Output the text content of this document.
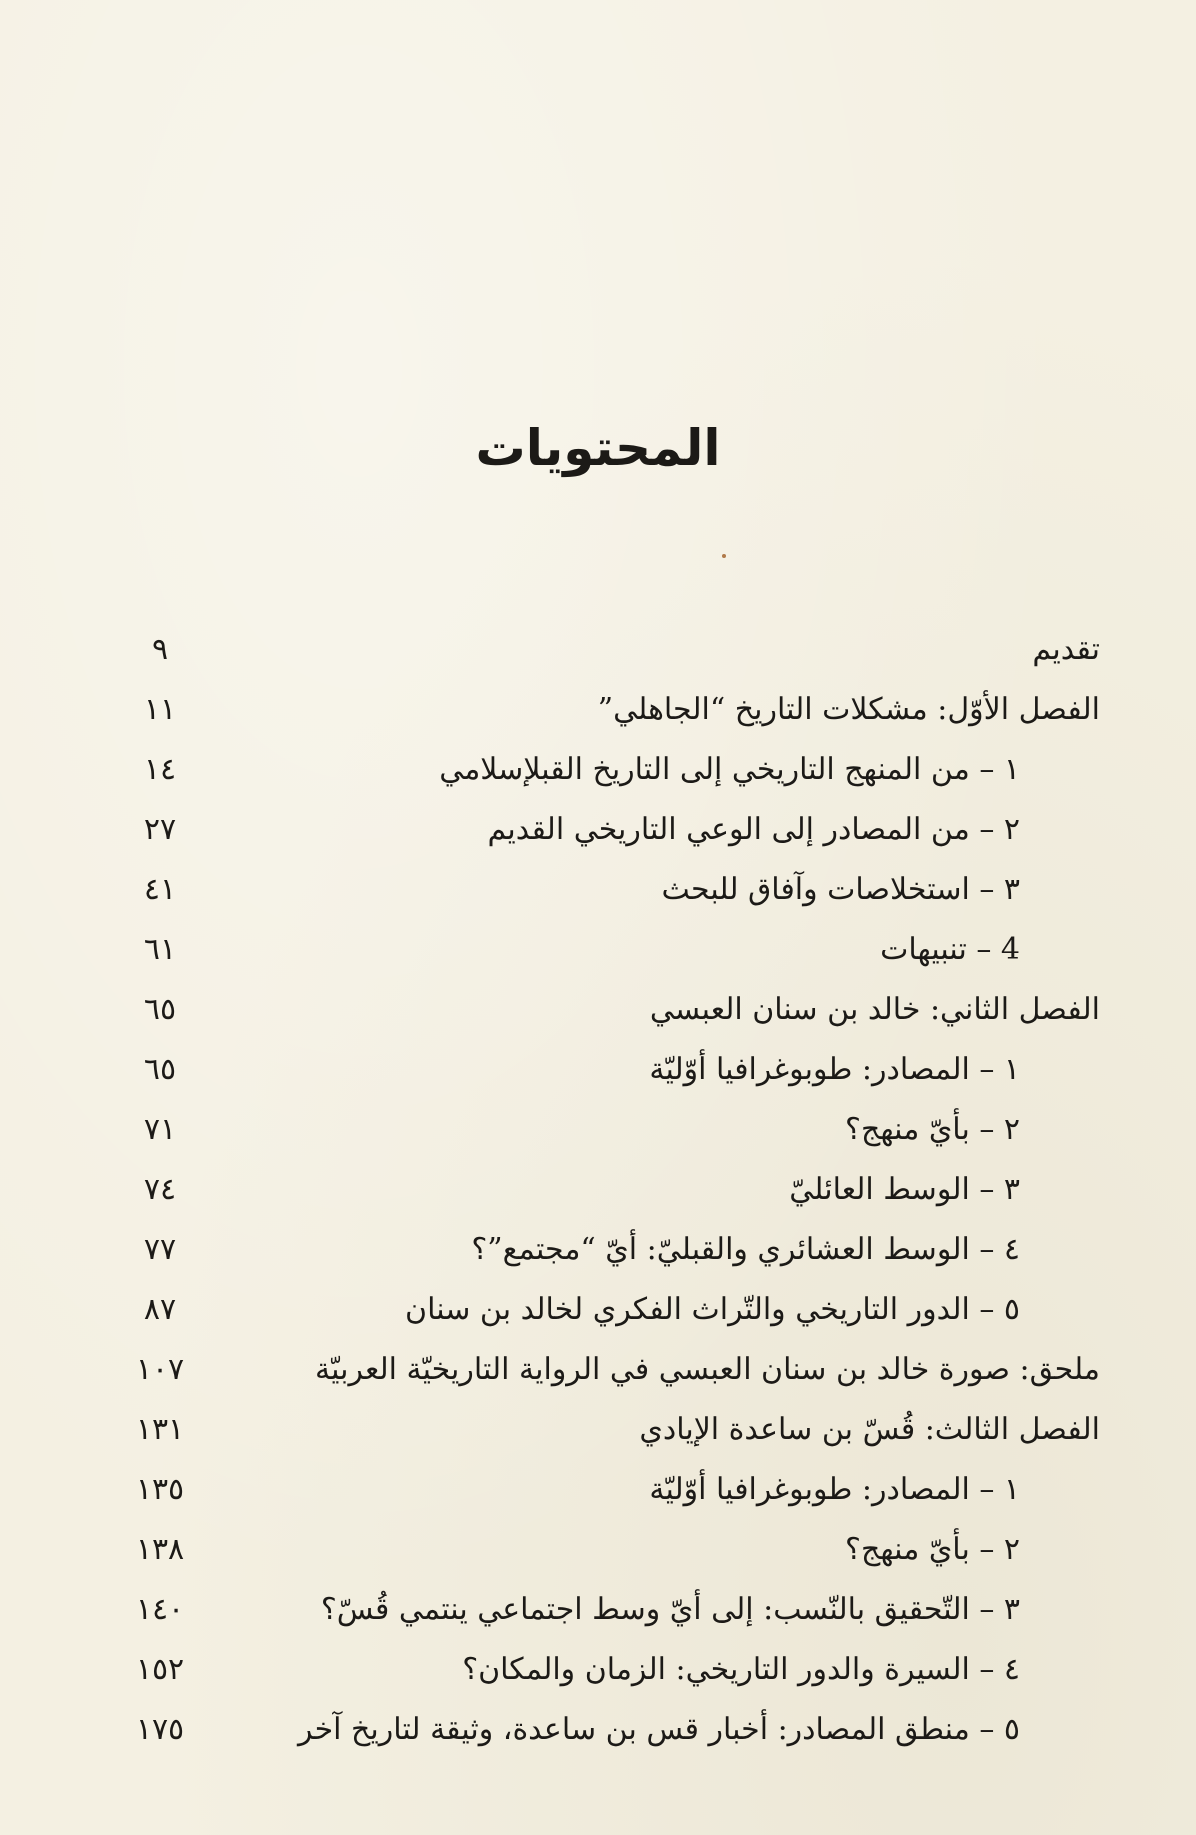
المحتويات
تقديم
٩
الفصل الأوّل: مشكلات التاريخ “الجاهلي”
١١
١ – من المنهج التاريخي إلى التاريخ القبلإسلامي
١٤
٢ – من المصادر إلى الوعي التاريخي القديم
٢٧
٣ – استخلاصات وآفاق للبحث
٤١
4 – تنبيهات
٦١
الفصل الثاني: خالد بن سنان العبسي
٦٥
١ – المصادر: طوبوغرافيا أوّليّة
٦٥
٢ – بأيّ منهج؟
٧١
٣ – الوسط العائليّ
٧٤
٤ – الوسط العشائري والقبليّ: أيّ “مجتمع”؟
٧٧
٥ – الدور التاريخي والتّراث الفكري لخالد بن سنان
٨٧
ملحق: صورة خالد بن سنان العبسي في الرواية التاريخيّة العربيّة
١٠٧
الفصل الثالث: قُسّ بن ساعدة الإيادي
١٣١
١ – المصادر: طوبوغرافيا أوّليّة
١٣٥
٢ – بأيّ منهج؟
١٣٨
٣ – التّحقيق بالنّسب: إلى أيّ وسط اجتماعي ينتمي قُسّ؟
١٤٠
٤ – السيرة والدور التاريخي: الزمان والمكان؟
١٥٢
٥ – منطق المصادر: أخبار قس بن ساعدة، وثيقة لتاريخ آخر
١٧٥
